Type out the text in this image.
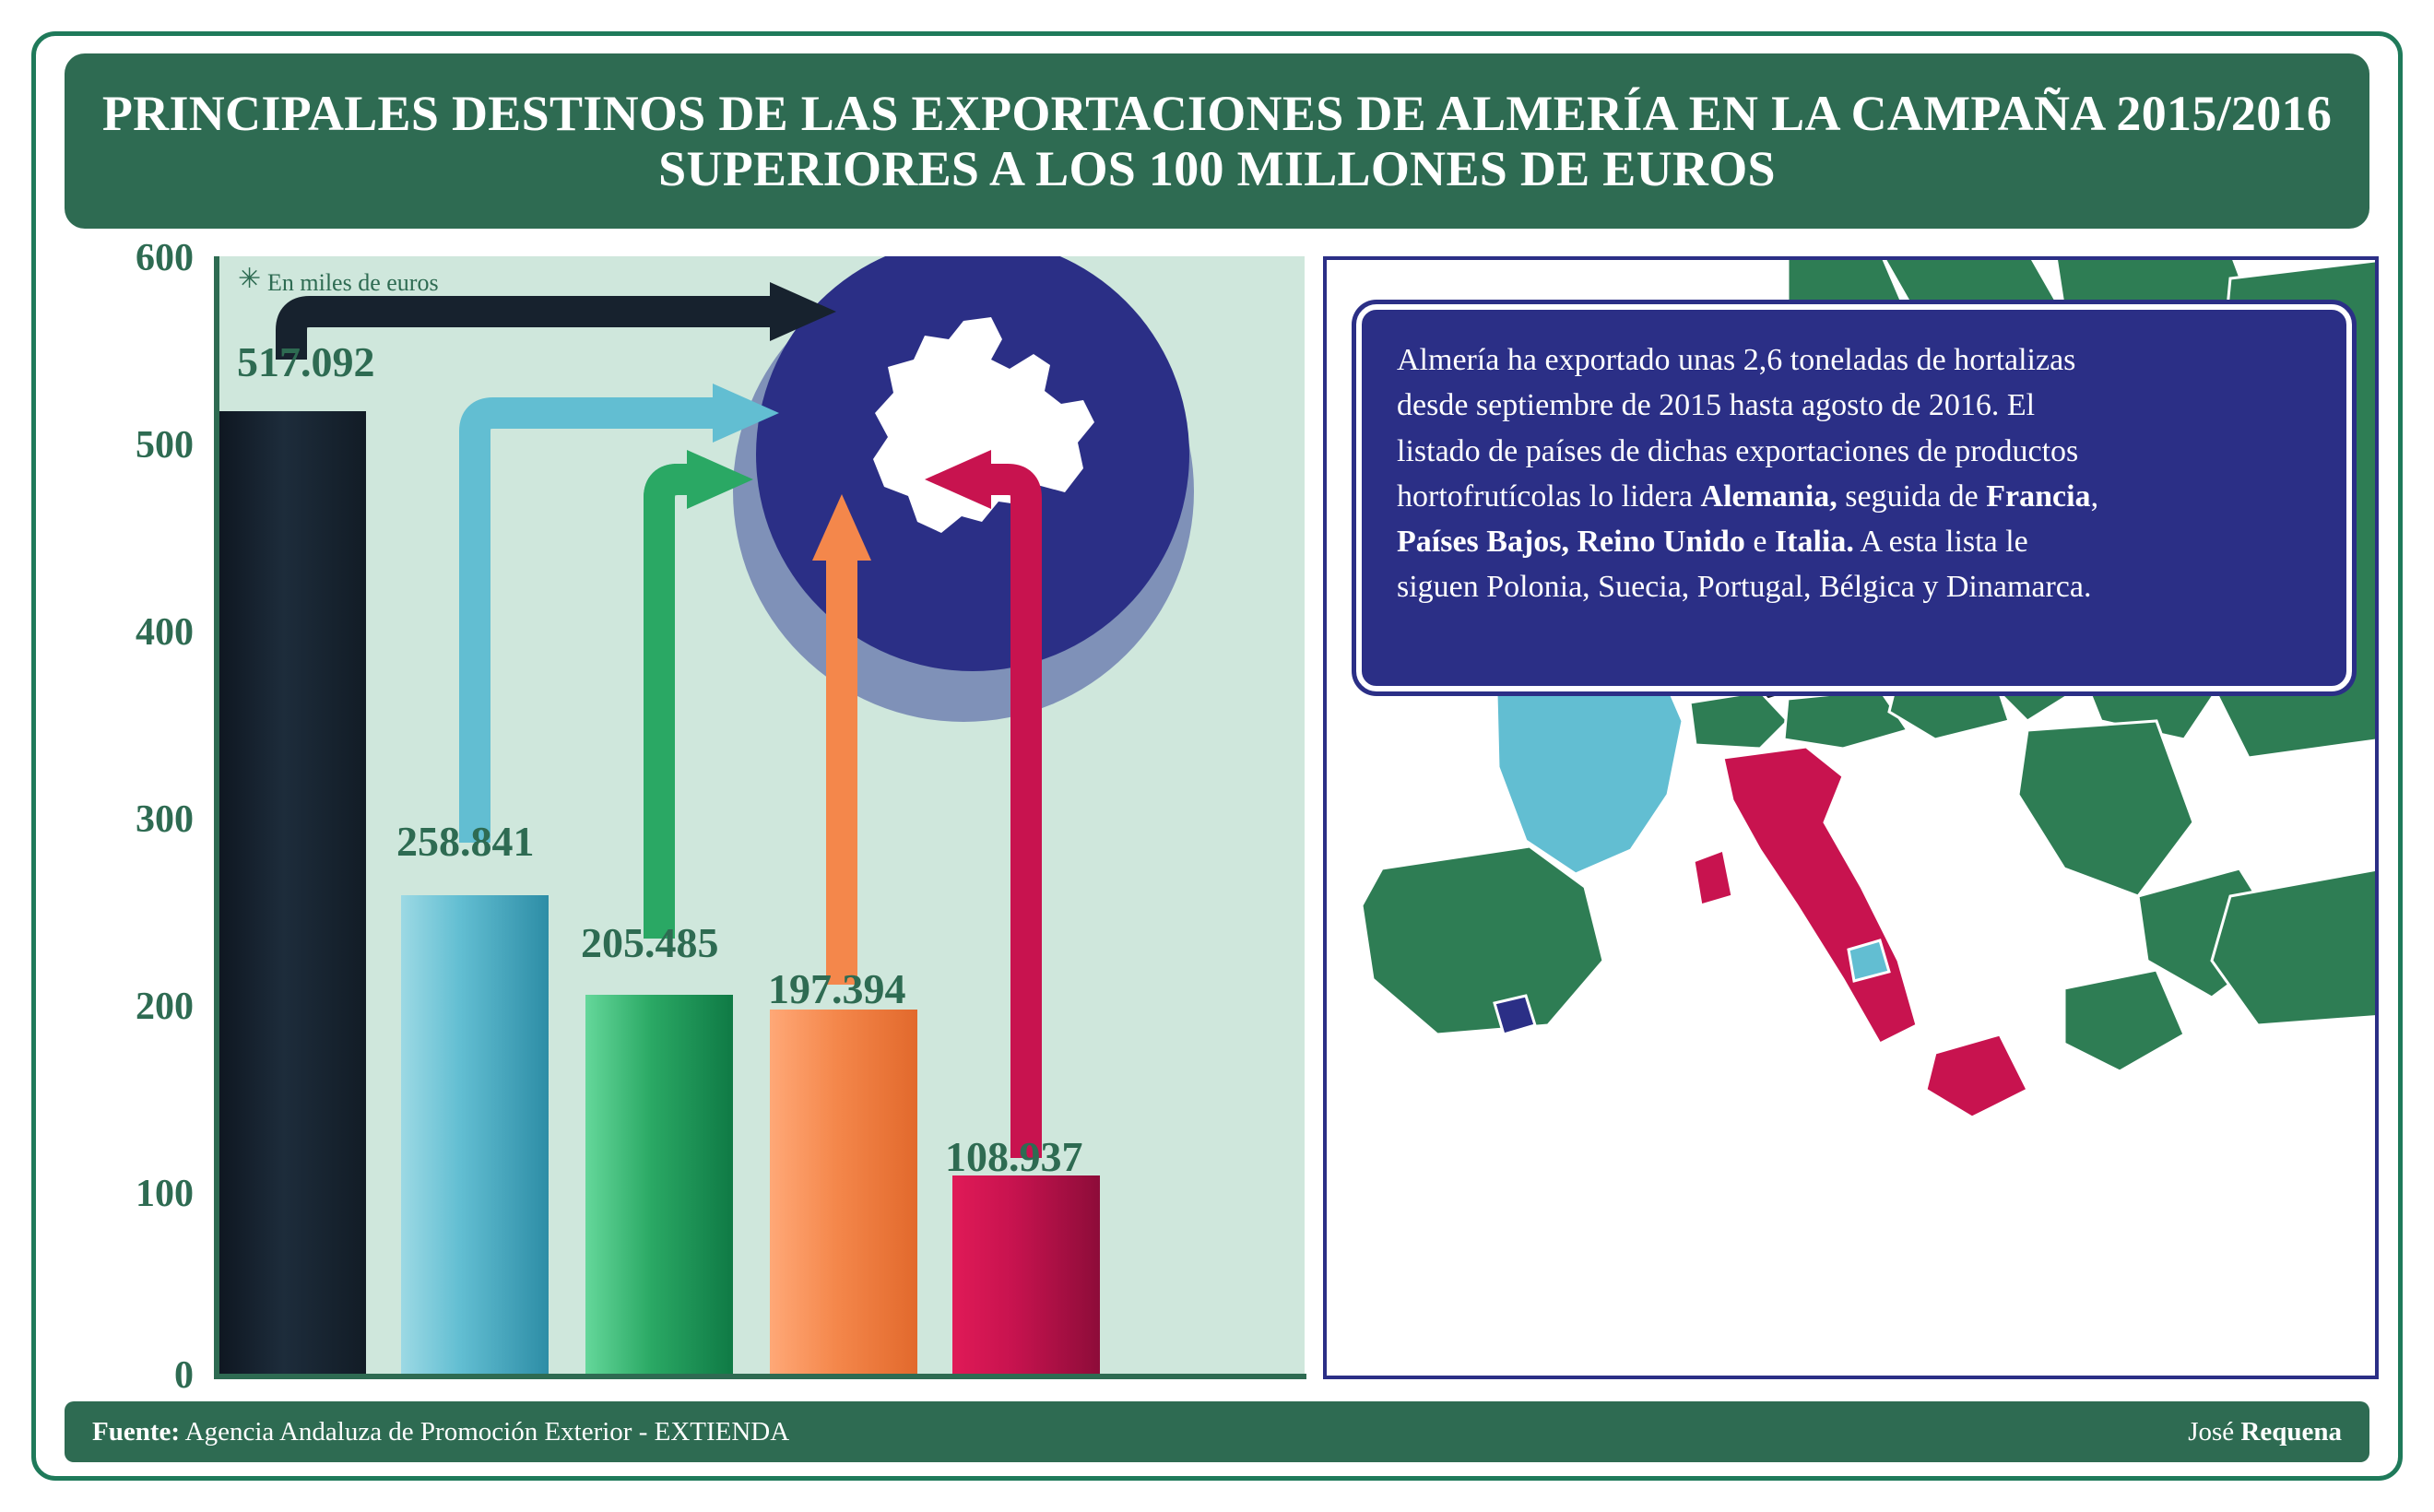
PRINCIPALES DESTINOS DE LAS EXPORTACIONES DE ALMERÍA EN LA CAMPAÑA 2015/2016 SUPERIORES A LOS 100 MILLONES DE EUROS
✳ En miles de euros
517.092
258.841
205.485
197.394
108.937
600
500
400
300
200
100
0
Almería ha exportado unas 2,6 toneladas de hortalizas
desde septiembre de 2015 hasta agosto de 2016. El
listado de países de dichas exportaciones de productos
hortofrutícolas lo lidera Alemania, seguida de Francia,
Países Bajos, Reino Unido e Italia. A esta lista le
siguen Polonia, Suecia, Portugal, Bélgica y Dinamarca.
Fuente: Agencia Andaluza de Promoción Exterior - EXTIENDA	José Requena
